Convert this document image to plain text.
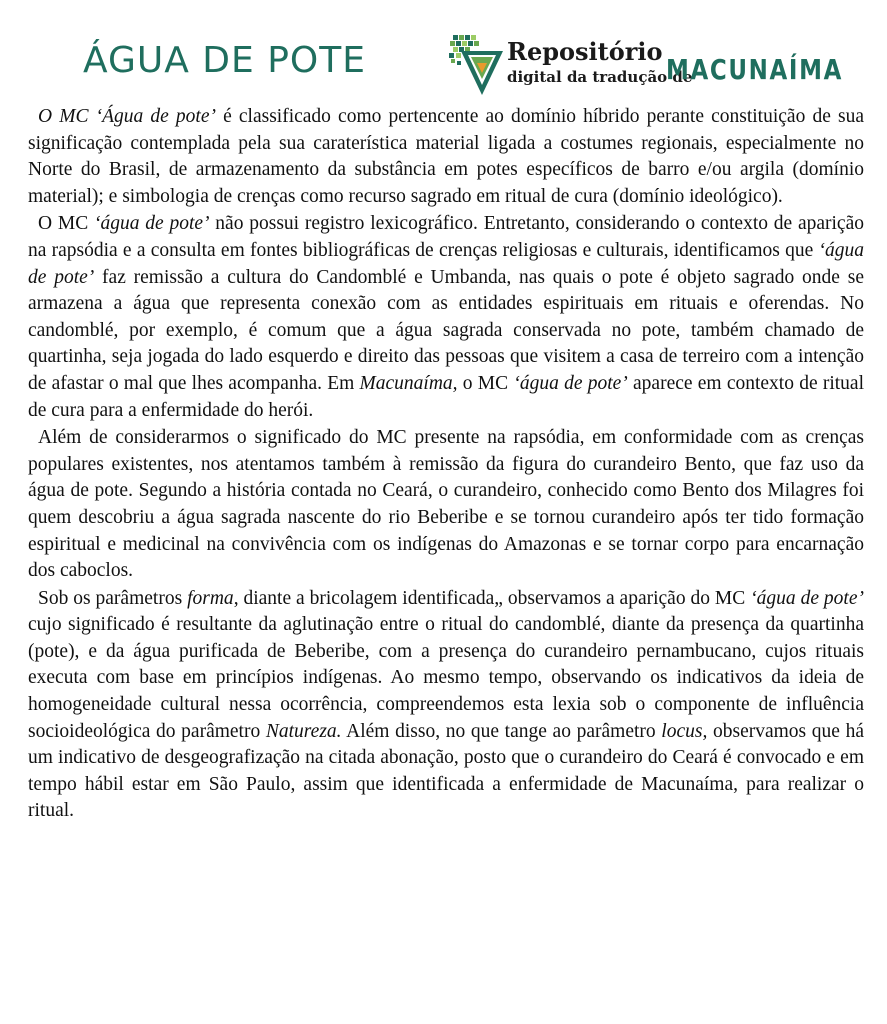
ÁGUA DE POTE	Repositório
digital da tradução de
MACUNAÍMA

O MC ‘Água de pote’ é classificado como pertencente ao domínio híbrido perante constituição de sua significação contemplada pela sua caraterística material ligada a costumes regionais, especialmente no Norte do Brasil, de armazenamento da substância em potes específicos de barro e/ou argila (domínio material); e simbologia de crenças como recurso sagrado em ritual de cura (domínio ideológico).

O MC ‘água de pote’ não possui registro lexicográfico. Entretanto, considerando o contexto de aparição na rapsódia e a consulta em fontes bibliográficas de crenças religiosas e culturais, identificamos que ‘água de pote’ faz remissão a cultura do Candomblé e Umbanda, nas quais o pote é objeto sagrado onde se armazena a água que representa conexão com as entidades espirituais em rituais e oferendas. No candomblé, por exemplo, é comum que a água sagrada conservada no pote, também chamado de quartinha, seja jogada do lado esquerdo e direito das pessoas que visitem a casa de terreiro com a intenção de afastar o mal que lhes acompanha. Em Macunaíma, o MC ‘água de pote’ aparece em contexto de ritual de cura para a enfermidade do herói.

Além de considerarmos o significado do MC presente na rapsódia, em conformidade com as crenças populares existentes, nos atentamos também à remissão da figura do curandeiro Bento, que faz uso da água de pote. Segundo a história contada no Ceará, o curandeiro, conhecido como Bento dos Milagres foi quem descobriu a água sagrada nascente do rio Beberibe e se tornou curandeiro após ter tido formação espiritual e medicinal na convivência com os indígenas do Amazonas e se tornar corpo para encarnação dos caboclos.

Sob os parâmetros forma, diante a bricolagem identificada„ observamos a aparição do MC ‘água de pote’ cujo significado é resultante da aglutinação entre o ritual do candomblé, diante da presença da quartinha (pote), e da água purificada de Beberibe, com a presença do curandeiro pernambucano, cujos rituais executa com base em princípios indígenas. Ao mesmo tempo, observando os indicativos da ideia de homogeneidade cultural nessa ocorrência, compreendemos esta lexia sob o componente de influência socioideológica do parâmetro Natureza. Além disso, no que tange ao parâmetro locus, observamos que há um indicativo de desgeografização na citada abonação, posto que o curandeiro do Ceará é convocado e em tempo hábil estar em São Paulo, assim que identificada a enfermidade de Macunaíma, para realizar o ritual.
